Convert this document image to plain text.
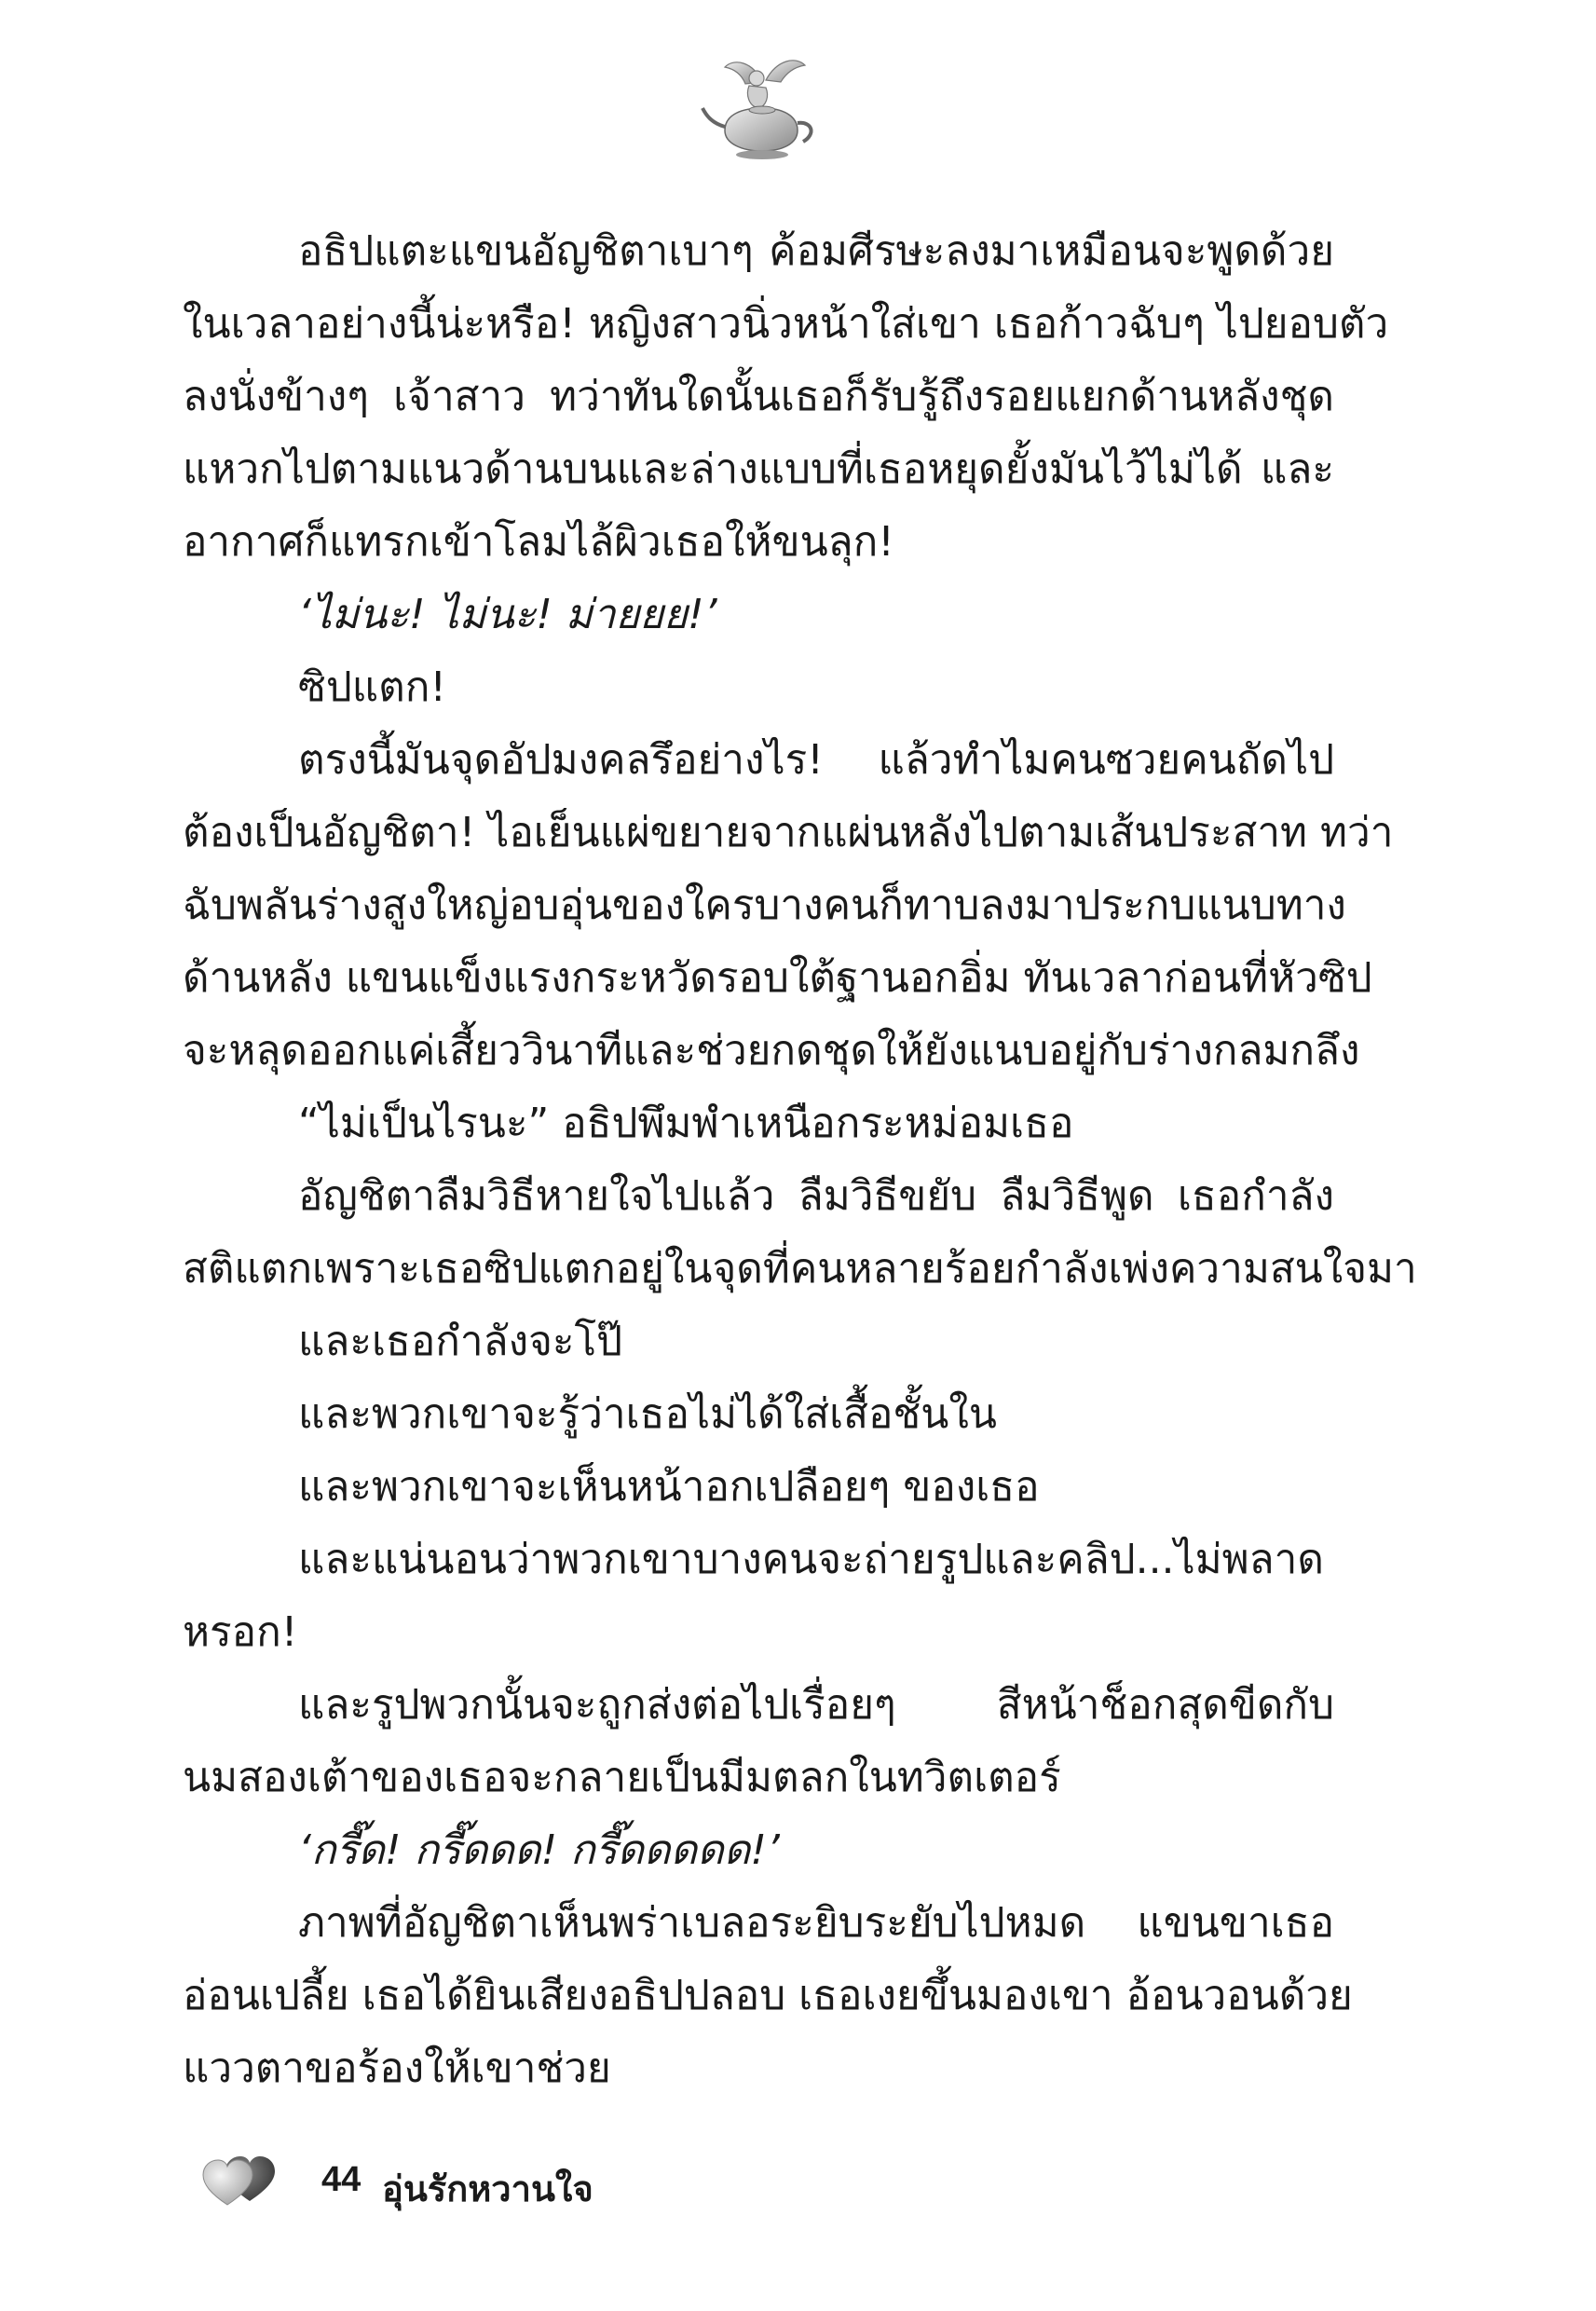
อธิปแตะแขนอัญชิตาเบาๆ ค้อมศีรษะลงมาเหมือนจะพูดด้วย
ในเวลาอย่างนี้น่ะหรือ! หญิงสาวนิ่วหน้าใส่เขา เธอก้าวฉับๆ ไปยอบตัว
ลงนั่งข้างๆ เจ้าสาว ทว่าทันใดนั้นเธอก็รับรู้ถึงรอยแยกด้านหลังชุด
แหวกไปตามแนวด้านบนและล่างแบบที่เธอหยุดยั้งมันไว้ไม่ได้ และ
อากาศก็แทรกเข้าโลมไล้ผิวเธอให้ขนลุก!
‘ไม่นะ! ไม่นะ! ม่ายยย!’
ซิปแตก!
ตรงนี้มันจุดอัปมงคลรึอย่างไร! แล้วทำไมคนซวยคนถัดไป
ต้องเป็นอัญชิตา! ไอเย็นแผ่ขยายจากแผ่นหลังไปตามเส้นประสาท ทว่า
ฉับพลันร่างสูงใหญ่อบอุ่นของใครบางคนก็ทาบลงมาประกบแนบทาง
ด้านหลัง แขนแข็งแรงกระหวัดรอบใต้ฐานอกอิ่ม ทันเวลาก่อนที่หัวซิป
จะหลุดออกแค่เสี้ยววินาทีและช่วยกดชุดให้ยังแนบอยู่กับร่างกลมกลึง
“ไม่เป็นไรนะ” อธิปพึมพำเหนือกระหม่อมเธอ
อัญชิตาลืมวิธีหายใจไปแล้ว ลืมวิธีขยับ ลืมวิธีพูด เธอกำลัง
สติแตกเพราะเธอซิปแตกอยู่ในจุดที่คนหลายร้อยกำลังเพ่งความสนใจมา
และเธอกำลังจะโป๊
และพวกเขาจะรู้ว่าเธอไม่ได้ใส่เสื้อชั้นใน
และพวกเขาจะเห็นหน้าอกเปลือยๆ ของเธอ
และแน่นอนว่าพวกเขาบางคนจะถ่ายรูปและคลิป...ไม่พลาด
หรอก!
และรูปพวกนั้นจะถูกส่งต่อไปเรื่อยๆ สีหน้าช็อกสุดขีดกับ
นมสองเต้าของเธอจะกลายเป็นมีมตลกในทวิตเตอร์
‘กรี๊ด! กรี๊ดดด! กรี๊ดดดดด!’
ภาพที่อัญชิตาเห็นพร่าเบลอระยิบระยับไปหมด แขนขาเธอ
อ่อนเปลี้ย เธอได้ยินเสียงอธิปปลอบ เธอเงยขึ้นมองเขา อ้อนวอนด้วย
แววตาขอร้องให้เขาช่วย
44 อุ่นรักหวานใจ
